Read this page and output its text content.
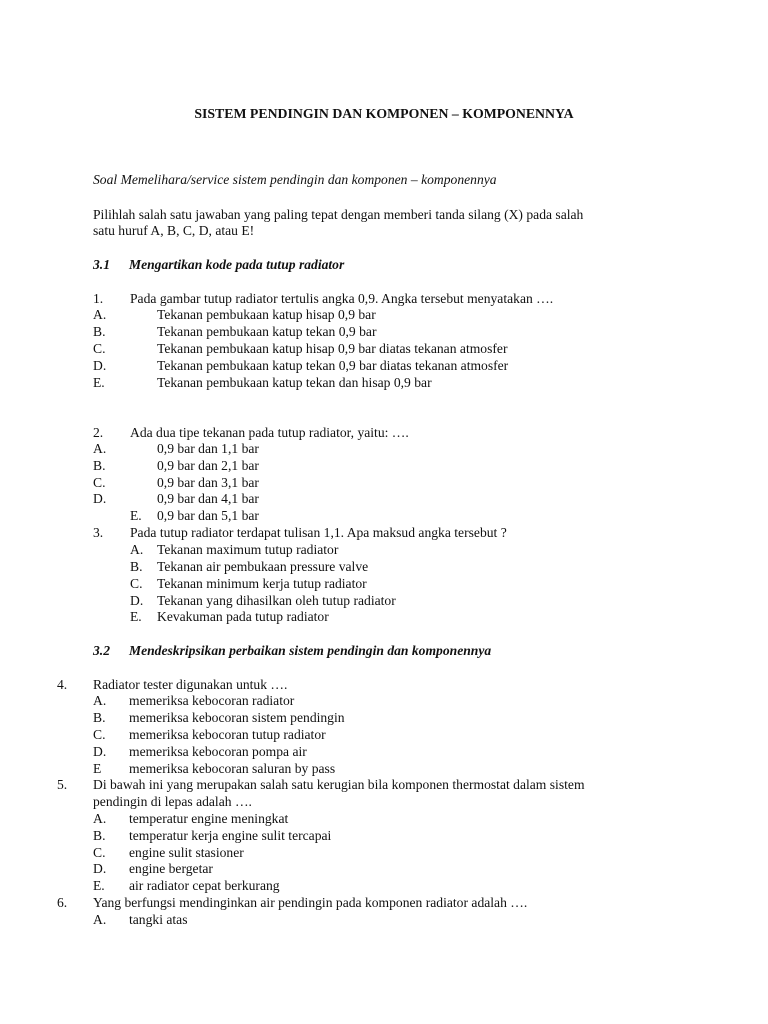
SISTEM PENDINGIN DAN KOMPONEN – KOMPONENNYA
Soal Memelihara/service sistem pendingin dan komponen – komponennya
Pilihlah salah satu jawaban yang paling tepat dengan memberi tanda silang (X) pada salah
satu huruf A, B, C, D, atau E!
3.1 Mengartikan kode pada tutup radiator
1. Pada gambar tutup radiator tertulis angka 0,9. Angka tersebut menyatakan ….
A.	Tekanan pembukaan katup hisap 0,9 bar
B.	Tekanan pembukaan katup tekan 0,9 bar
C.	Tekanan pembukaan katup hisap 0,9 bar diatas tekanan atmosfer
D.	Tekanan pembukaan katup tekan 0,9 bar diatas tekanan atmosfer
E.	Tekanan pembukaan katup tekan dan hisap 0,9 bar
2. Ada dua tipe tekanan pada tutup radiator, yaitu: ….
A.	0,9 bar dan 1,1 bar
B.	0,9 bar dan 2,1 bar
C.	0,9 bar dan 3,1 bar
D.	0,9 bar dan 4,1 bar
E. 0,9 bar dan 5,1 bar
3. Pada tutup radiator terdapat tulisan 1,1. Apa maksud angka tersebut ?
A. Tekanan maximum tutup radiator
B. Tekanan air pembukaan pressure valve
C. Tekanan minimum kerja tutup radiator
D. Tekanan yang dihasilkan oleh tutup radiator
E. Kevakuman pada tutup radiator
3.2 Mendeskripsikan perbaikan sistem pendingin dan komponennya
4. Radiator tester digunakan untuk ….
A. memeriksa kebocoran radiator
B. memeriksa kebocoran sistem pendingin
C. memeriksa kebocoran tutup radiator
D. memeriksa kebocoran pompa air
E memeriksa kebocoran saluran by pass
5. Di bawah ini yang merupakan salah satu kerugian bila komponen thermostat dalam sistem
pendingin di lepas adalah ….
A. temperatur engine meningkat
B. temperatur kerja engine sulit tercapai
C. engine sulit stasioner
D. engine bergetar
E. air radiator cepat berkurang
6. Yang berfungsi mendinginkan air pendingin pada komponen radiator adalah ….
A. tangki atas
